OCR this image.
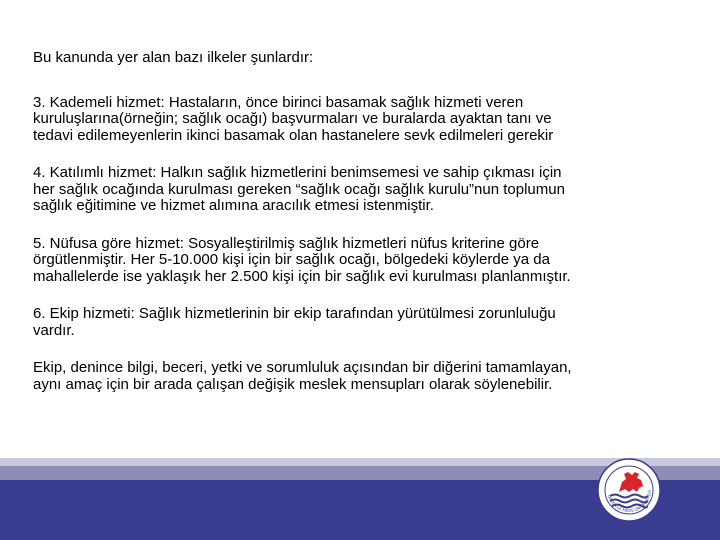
Bu kanunda yer alan bazı ilkeler şunlardır:

3. Kademeli hizmet: Hastaların, önce birinci basamak sağlık hizmeti veren
kuruluşlarına(örneğin; sağlık ocağı) başvurmaları ve buralarda ayaktan tanı ve
tedavi edilemeyenlerin ikinci basamak olan hastanelere sevk edilmeleri gerekir

4. Katılımlı hizmet: Halkın sağlık hizmetlerini benimsemesi ve sahip çıkması için
her sağlık ocağında kurulması gereken “sağlık ocağı sağlık kurulu”nun toplumun
sağlık eğitimine ve hizmet alımına aracılık etmesi istenmiştir.

5. Nüfusa göre hizmet: Sosyalleştirilmiş sağlık hizmetleri nüfus kriterine göre
örgütlenmiştir. Her 5-10.000 kişi için bir sağlık ocağı, bölgedeki köylerde ya da
mahallelerde ise yaklaşık her 2.500 kişi için bir sağlık evi kurulması planlanmıştır.

6. Ekip hizmeti: Sağlık hizmetlerinin bir ekip tarafından yürütülmesi zorunluluğu
vardır.

Ekip, denince bilgi, beceri, yetki ve sorumluluk açısından bir diğerini tamamlayan,
aynı amaç için bir arada çalışan değişik meslek mensupları olarak söylenebilir.

ONDOKUZ MAYIS ÜNİVERSİTESİ
